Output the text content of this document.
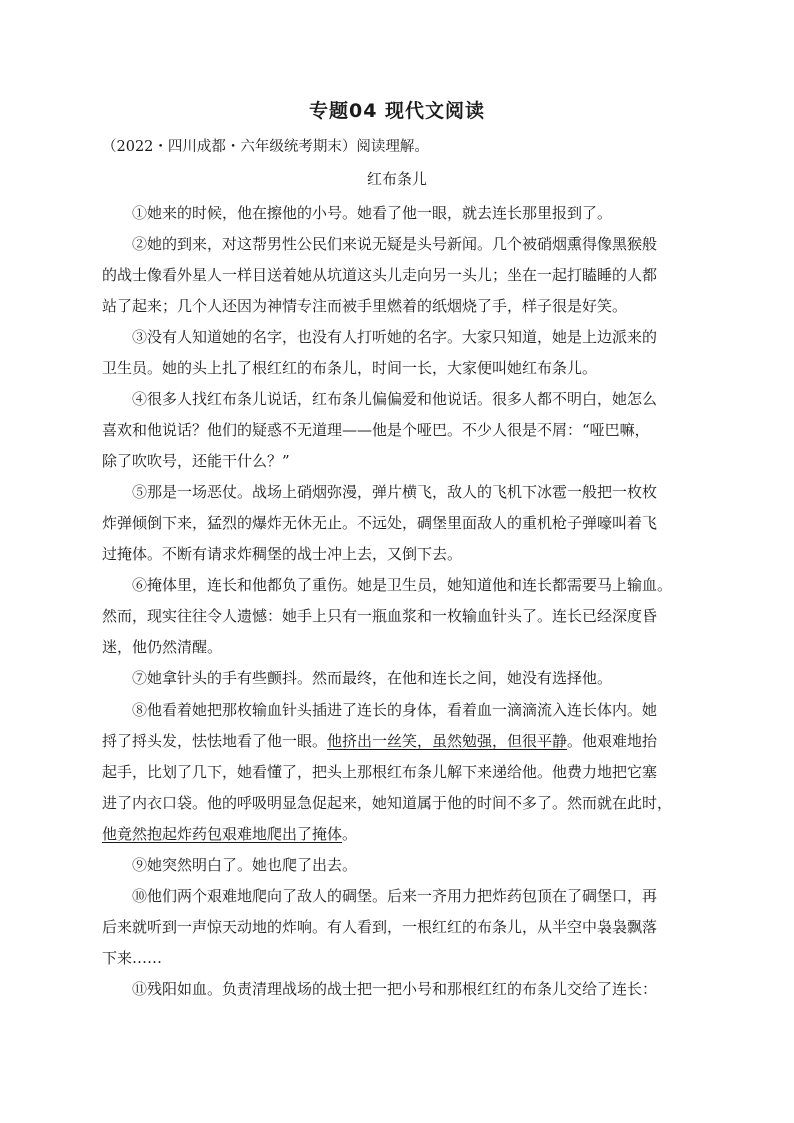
专题04 现代文阅读
（2022・四川成都・六年级统考期末）阅读理解。
红布条儿
①她来的时候，他在擦他的小号。她看了他一眼，就去连长那里报到了。
②她的到来，对这帮男性公民们来说无疑是头号新闻。几个被硝烟熏得像黑猴般
的战士像看外星人一样目送着她从坑道这头儿走向另一头儿；坐在一起打瞌睡的人都
站了起来；几个人还因为神情专注而被手里燃着的纸烟烧了手，样子很是好笑。
③没有人知道她的名字，也没有人打听她的名字。大家只知道，她是上边派来的
卫生员。她的头上扎了根红红的布条儿，时间一长，大家便叫她红布条儿。
④很多人找红布条儿说话，红布条儿偏偏爱和他说话。很多人都不明白，她怎么
喜欢和他说话？他们的疑惑不无道理——他是个哑巴。不少人很是不屑：“哑巴嘛，
除了吹吹号，还能干什么？”
⑤那是一场恶仗。战场上硝烟弥漫，弹片横飞，敌人的飞机下冰雹一般把一枚枚
炸弹倾倒下来，猛烈的爆炸无休无止。不远处，碉堡里面敌人的重机枪子弹嚎叫着飞
过掩体。不断有请求炸稠堡的战士冲上去，又倒下去。
⑥掩体里，连长和他都负了重伤。她是卫生员，她知道他和连长都需要马上输血。
然而，现实往往令人遗憾：她手上只有一瓶血浆和一枚输血针头了。连长已经深度昏
迷，他仍然清醒。
⑦她拿针头的手有些颤抖。然而最终，在他和连长之间，她没有选择他。
⑧他看着她把那枚输血针头插进了连长的身体，看着血一滴滴流入连长体内。她
捋了捋头发，怯怯地看了他一眼。他挤出一丝笑，虽然勉强，但很平静。他艰难地抬
起手，比划了几下，她看懂了，把头上那根红布条儿解下来递给他。他费力地把它塞
进了内衣口袋。他的呼吸明显急促起来，她知道属于他的时间不多了。然而就在此时，
他竟然抱起炸药包艰难地爬出了掩体。
⑨她突然明白了。她也爬了出去。
⑩他们两个艰难地爬向了敌人的碉堡。后来一齐用力把炸药包顶在了碉堡口，再
后来就听到一声惊天动地的炸响。有人看到，一根红红的布条儿，从半空中袅袅飘落
下来……
⑪残阳如血。负责清理战场的战士把一把小号和那根红红的布条儿交给了连长：
